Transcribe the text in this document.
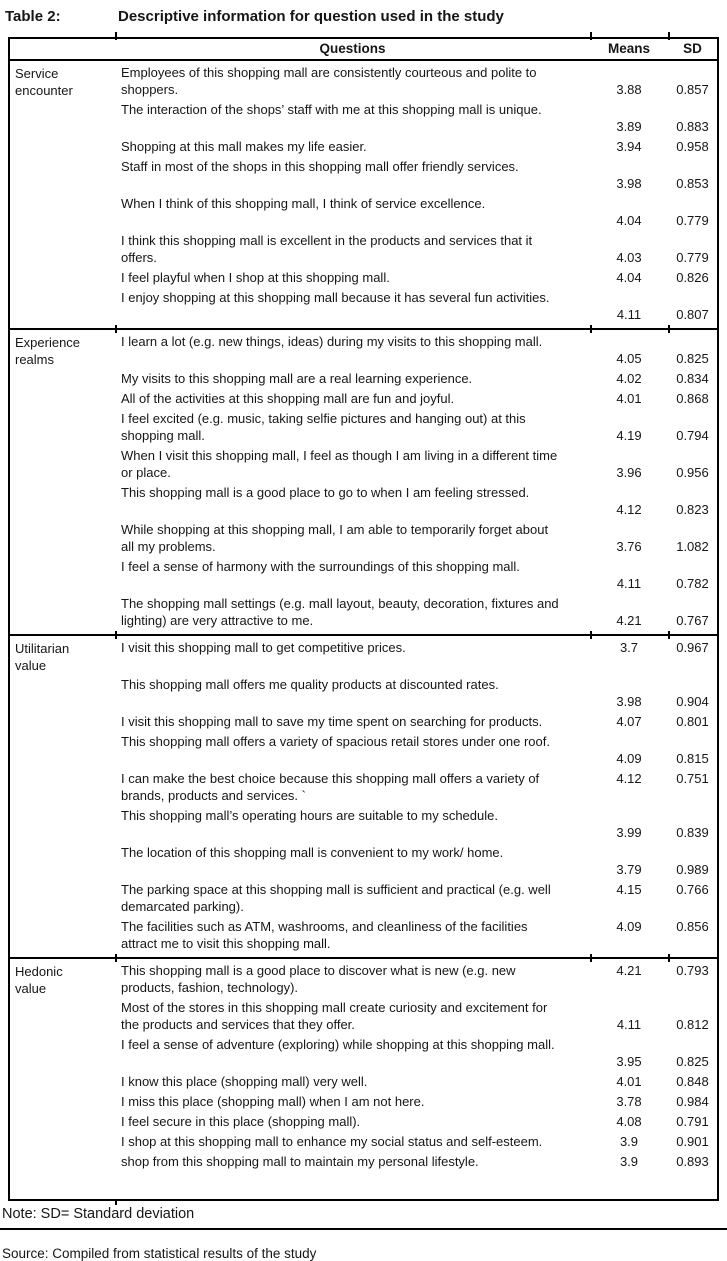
Table 2:	Descriptive information for question used in the study
Questions	Means	SD
Service
encounter
Employees of this shopping mall are consistently courteous and polite to
shoppers.	3.88	0.857
The interaction of the shops’ staff with me at this shopping mall is unique.
3.89	0.883
Shopping at this mall makes my life easier.	3.94	0.958
Staff in most of the shops in this shopping mall offer friendly services.
3.98	0.853
When I think of this shopping mall, I think of service excellence.
4.04	0.779
I think this shopping mall is excellent in the products and services that it
offers.	4.03	0.779
I feel playful when I shop at this shopping mall.	4.04	0.826
I enjoy shopping at this shopping mall because it has several fun activities.
4.11	0.807
Experience
realms
I learn a lot (e.g. new things, ideas) during my visits to this shopping mall.
4.05	0.825
My visits to this shopping mall are a real learning experience.	4.02	0.834
All of the activities at this shopping mall are fun and joyful.	4.01	0.868
I feel excited (e.g. music, taking selfie pictures and hanging out) at this
shopping mall.	4.19	0.794
When I visit this shopping mall, I feel as though I am living in a different time
or place.	3.96	0.956
This shopping mall is a good place to go to when I am feeling stressed.
4.12	0.823
While shopping at this shopping mall, I am able to temporarily forget about
all my problems.	3.76	1.082
I feel a sense of harmony with the surroundings of this shopping mall.
4.11	0.782
The shopping mall settings (e.g. mall layout, beauty, decoration, fixtures and
lighting) are very attractive to me.	4.21	0.767
Utilitarian
value
I visit this shopping mall to get competitive prices.	3.7	0.967
This shopping mall offers me quality products at discounted rates.
3.98	0.904
I visit this shopping mall to save my time spent on searching for products.	4.07	0.801
This shopping mall offers a variety of spacious retail stores under one roof.
4.09	0.815
I can make the best choice because this shopping mall offers a variety of	4.12	0.751
brands, products and services. `
This shopping mall’s operating hours are suitable to my schedule.
3.99	0.839
The location of this shopping mall is convenient to my work/ home.
3.79	0.989
The parking space at this shopping mall is sufficient and practical (e.g. well	4.15	0.766
demarcated parking).
The facilities such as ATM, washrooms, and cleanliness of the facilities	4.09	0.856
attract me to visit this shopping mall.
Hedonic
value
This shopping mall is a good place to discover what is new (e.g. new	4.21	0.793
products, fashion, technology).
Most of the stores in this shopping mall create curiosity and excitement for
the products and services that they offer.	4.11	0.812
I feel a sense of adventure (exploring) while shopping at this shopping mall.
3.95	0.825
I know this place (shopping mall) very well.	4.01	0.848
I miss this place (shopping mall) when I am not here.	3.78	0.984
I feel secure in this place (shopping mall).	4.08	0.791
I shop at this shopping mall to enhance my social status and self-esteem.	3.9	0.901
shop from this shopping mall to maintain my personal lifestyle.	3.9	0.893
Note: SD= Standard deviation
Source: Compiled from statistical results of the study
